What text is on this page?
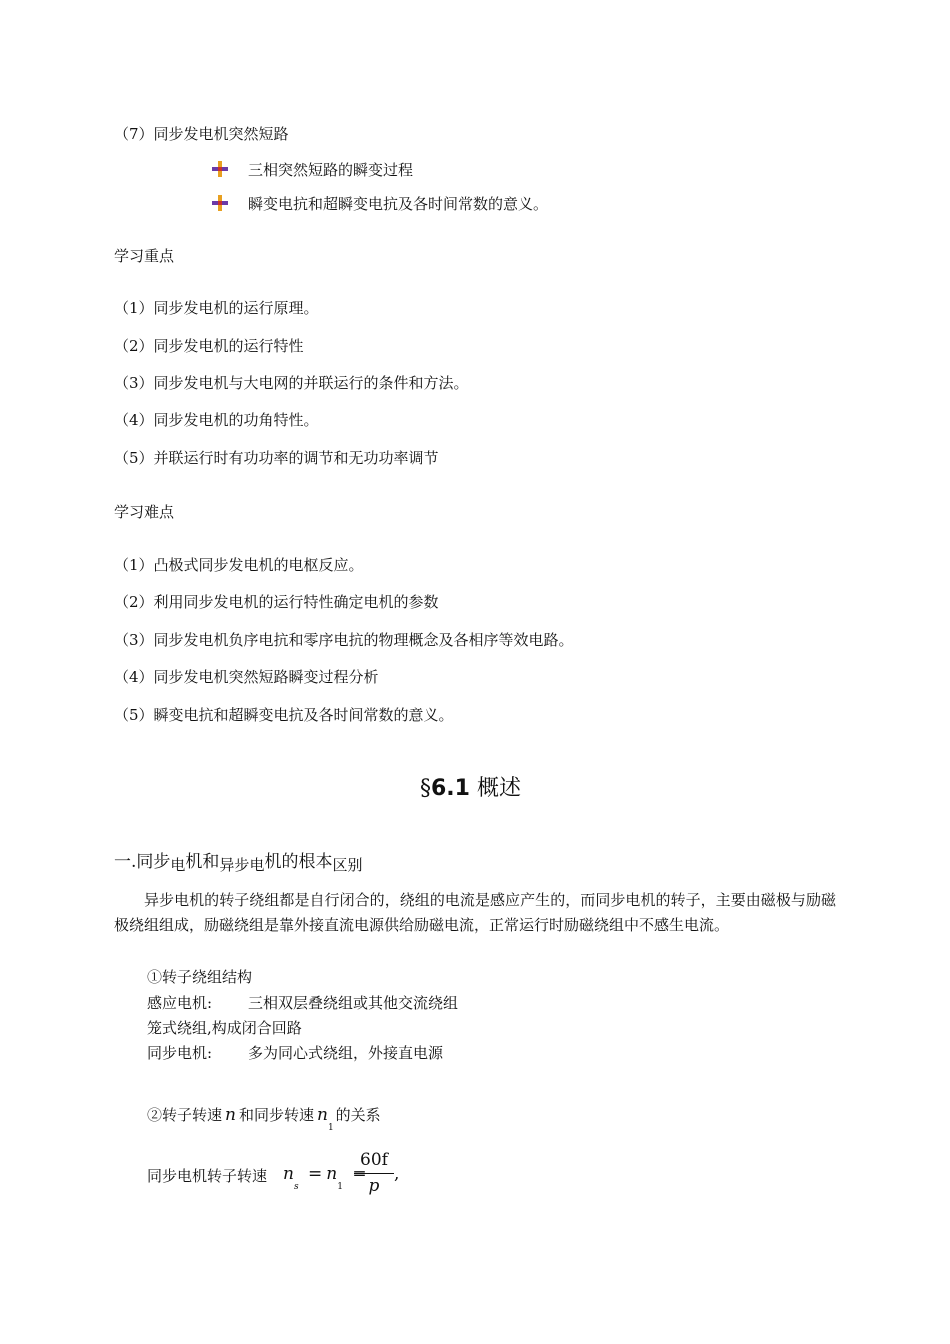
（7）同步发电机突然短路
三相突然短路的瞬变过程
瞬变电抗和超瞬变电抗及各时间常数的意义。
学习重点
（1）同步发电机的运行原理。
（2）同步发电机的运行特性
（3）同步发电机与大电网的并联运行的条件和方法。
（4）同步发电机的功角特性。
（5）并联运行时有功功率的调节和无功功率调节
学习难点
（1）凸极式同步发电机的电枢反应。
（2）利用同步发电机的运行特性确定电机的参数
（3）同步发电机负序电抗和零序电抗的物理概念及各相序等效电路。
（4）同步发电机突然短路瞬变过程分析
（5）瞬变电抗和超瞬变电抗及各时间常数的意义。
§6.1 概述
一.同步电机和异步电机的根本区别
异步电机的转子绕组都是自行闭合的，绕组的电流是感应产生的，而同步电机的转子，主要由磁极与励磁极绕组组成，励磁绕组是靠外接直流电源供给励磁电流，正常运行时励磁绕组中不感生电流。
①转子绕组结构
感应电机: 三相双层叠绕组或其他交流绕组
笼式绕组,构成闭合回路
同步电机: 多为同心式绕组，外接直电源
②转子转速 n 和同步转速 $n_1$的关系
同步电机转子转速 $n_s = n_1$ =
60f
p
,
